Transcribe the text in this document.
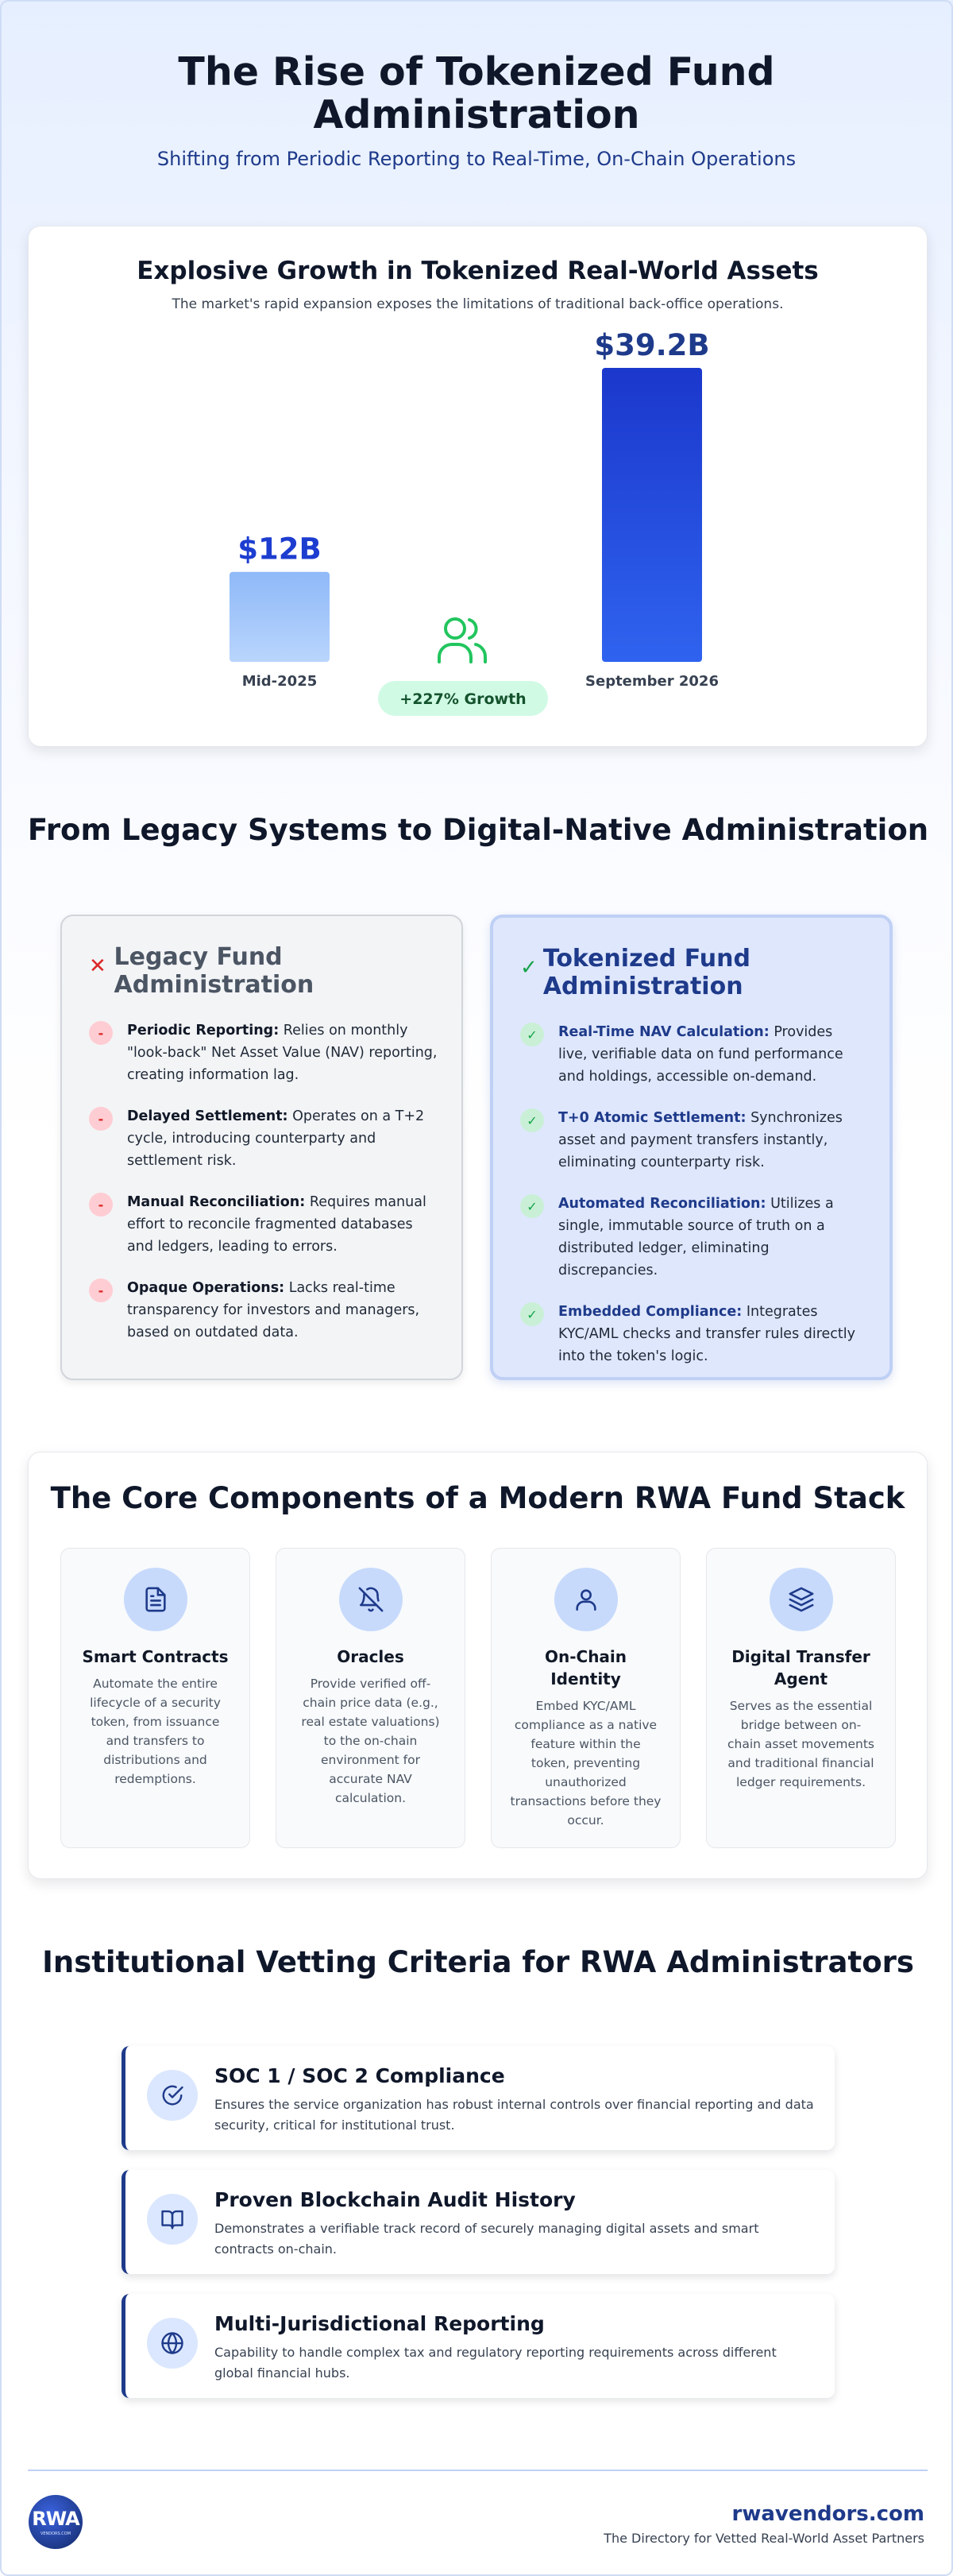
The Rise of Tokenized Fund Administration
Shifting from Periodic Reporting to Real-Time, On-Chain Operations
Explosive Growth in Tokenized Real-World Assets
The market's rapid expansion exposes the limitations of traditional back-office operations.
+227% Growth
$12B
Mid-2025
$39.2B
September 2026
From Legacy Systems to Digital-Native Administration
✕ Legacy Fund Administration
-	Periodic Reporting: Relies on monthly "look-back" Net Asset Value (NAV) reporting, creating information lag.

-	Delayed Settlement: Operates on a T+2 cycle, introducing counterparty and settlement risk.

-	Manual Reconciliation: Requires manual effort to reconcile fragmented databases and ledgers, leading to errors.

-	Opaque Operations: Lacks real-time transparency for investors and managers, based on outdated data.

✓ Tokenized Fund Administration
✓	Real-Time NAV Calculation: Provides live, verifiable data on fund performance and holdings, accessible on-demand.

✓	T+0 Atomic Settlement: Synchronizes asset and payment transfers instantly, eliminating counterparty risk.

✓	Automated Reconciliation: Utilizes a single, immutable source of truth on a distributed ledger, eliminating discrepancies.

✓	Embedded Compliance: Integrates KYC/AML checks and transfer rules directly into the token's logic.

The Core Components of a Modern RWA Fund Stack
Smart Contracts

Automate the entire lifecycle of a security token, from issuance and transfers to distributions and redemptions.

Oracles

Provide verified off-chain price data (e.g., real estate valuations) to the on-chain environment for accurate NAV calculation.

On-Chain Identity

Embed KYC/AML compliance as a native feature within the token, preventing unauthorized transactions before they occur.

Digital Transfer Agent

Serves as the essential bridge between on-chain asset movements and traditional financial ledger requirements.

Institutional Vetting Criteria for RWA Administrators
SOC 1 / SOC 2 Compliance

Ensures the service organization has robust internal controls over financial reporting and data security, critical for institutional trust.

Proven Blockchain Audit History

Demonstrates a verifiable track record of securely managing digital assets and smart contracts on-chain.

Multi-Jurisdictional Reporting

Capability to handle complex tax and regulatory reporting requirements across different global financial hubs.

RWA
VENDORS.COM
rwavendors.com
The Directory for Vetted Real-World Asset Partners
